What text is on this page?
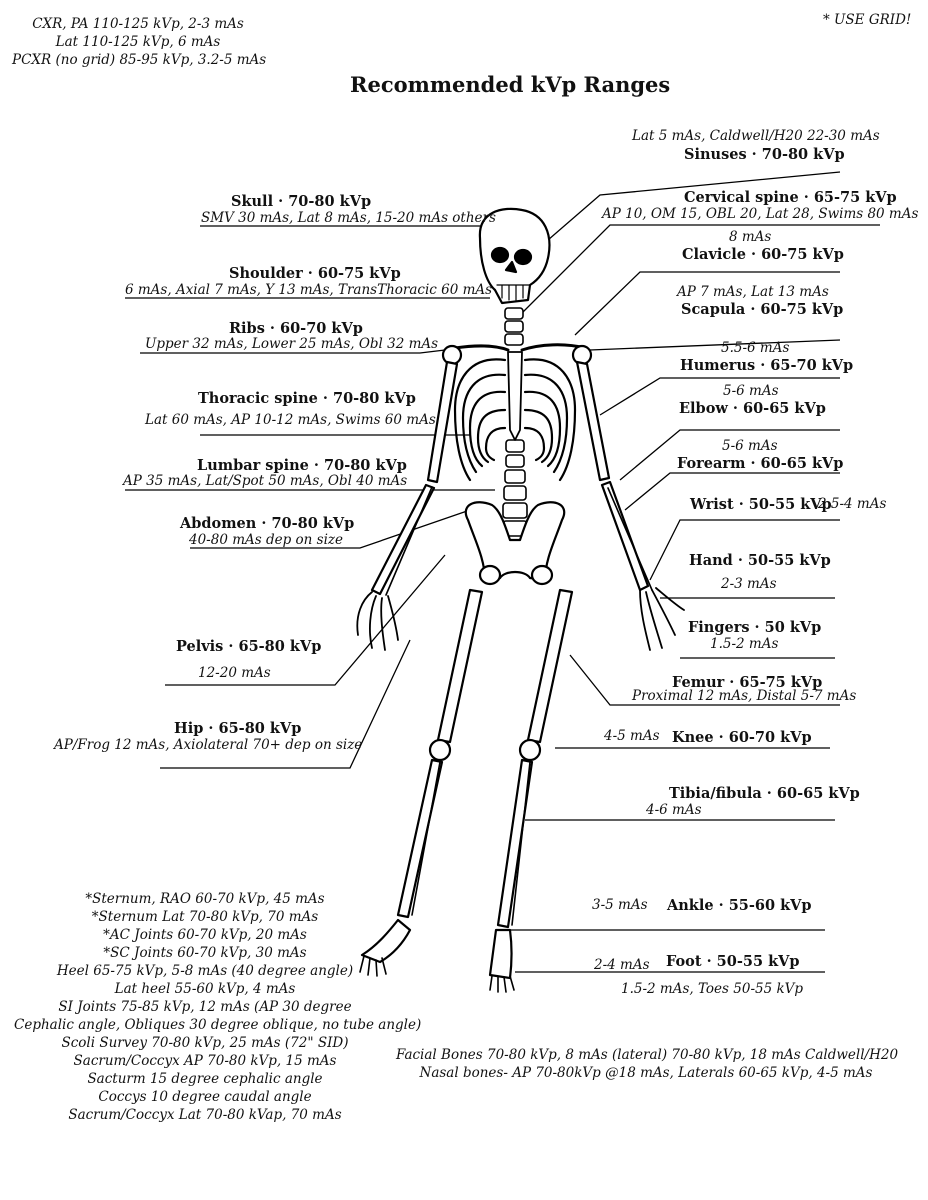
CXR, PA 110-125 kVp, 2-3 mAs
Lat 110-125 kVp, 6 mAs
PCXR (no grid) 85-95 kVp, 3.2-5 mAs
* USE GRID!
Recommended kVp Ranges
Skull · 70-80 kVp
SMV 30 mAs, Lat 8 mAs, 15-20 mAs others
Shoulder · 60-75 kVp
6 mAs, Axial 7 mAs, Y 13 mAs, TransThoracic 60 mAs
Ribs · 60-70 kVp
Upper 32 mAs, Lower 25 mAs, Obl 32 mAs
Thoracic spine · 70-80 kVp
Lat 60 mAs, AP 10-12 mAs, Swims 60 mAs
Lumbar spine · 70-80 kVp
AP 35 mAs, Lat/Spot 50 mAs, Obl 40 mAs
Abdomen · 70-80 kVp
40-80 mAs dep on size
Pelvis · 65-80 kVp
12-20 mAs
Hip · 65-80 kVp
AP/Frog 12 mAs, Axiolateral 70+ dep on size
Lat 5 mAs, Caldwell/H20 22-30 mAs
Sinuses · 70-80 kVp
Cervical spine · 65-75 kVp
AP 10, OM 15, OBL 20, Lat 28, Swims 80 mAs
8 mAs
Clavicle · 60-75 kVp
AP 7 mAs, Lat 13 mAs
Scapula · 60-75 kVp
5.5-6 mAs
Humerus · 65-70 kVp
5-6 mAs
Elbow · 60-65 kVp
5-6 mAs
Forearm · 60-65 kVp
Wrist · 50-55 kVp
2.5-4 mAs
Hand · 50-55 kVp
2-3 mAs
Fingers · 50 kVp
1.5-2 mAs
Femur · 65-75 kVp
Proximal 12 mAs, Distal 5-7 mAs
4-5 mAs Knee · 60-70 kVp
Tibia/fibula · 60-65 kVp
4-6 mAs
3-5 mAs Ankle · 55-60 kVp
2-4 mAs Foot · 50-55 kVp
1.5-2 mAs, Toes 50-55 kVp
*Sternum, RAO 60-70 kVp, 45 mAs
*Sternum Lat 70-80 kVp, 70 mAs
*AC Joints 60-70 kVp, 20 mAs
*SC Joints 60-70 kVp, 30 mAs
Heel 65-75 kVp, 5-8 mAs (40 degree angle)
Lat heel 55-60 kVp, 4 mAs
SI Joints 75-85 kVp, 12 mAs (AP 30 degree
Cephalic angle, Obliques 30 degree oblique, no tube angle)
Scoli Survey 70-80 kVp, 25 mAs (72" SID)
Sacrum/Coccyx AP 70-80 kVp, 15 mAs
Sacturm 15 degree cephalic angle
Coccys 10 degree caudal angle
Sacrum/Coccyx Lat 70-80 kVap, 70 mAs
Facial Bones 70-80 kVp, 8 mAs (lateral) 70-80 kVp, 18 mAs Caldwell/H20
Nasal bones- AP 70-80kVp @18 mAs, Laterals 60-65 kVp, 4-5 mAs
